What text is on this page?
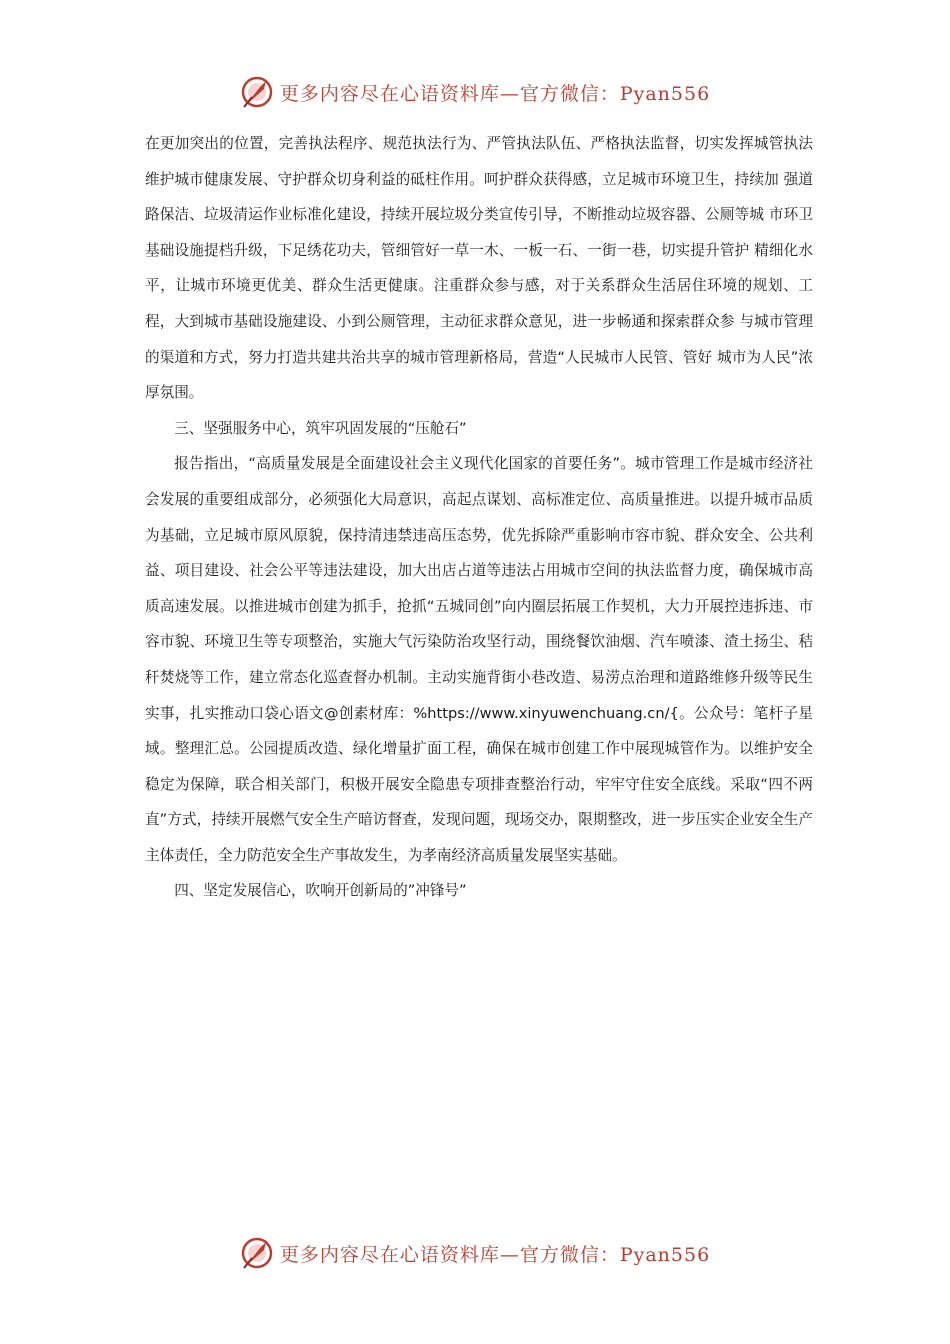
更多内容尽在心语资料库—官方微信：Pyan556

在更加突出的位置，完善执法程序、规范执法行为、严管执法队伍、严格执法监督，切实发挥城管执法维护城市健康发展、守护群众切身利益的砥柱作用。呵护群众获得感，立足城市环境卫生，持续加 强道路保洁、垃圾清运作业标准化建设，持续开展垃圾分类宣传引导，不断推动垃圾容器、公厕等城 市环卫基础设施提档升级，下足绣花功夫，管细管好一草一木、一板一石、一街一巷，切实提升管护 精细化水平，让城市环境更优美、群众生活更健康。注重群众参与感，对于关系群众生活居住环境的规划、工程，大到城市基础设施建设、小到公厕管理，主动征求群众意见，进一步畅通和探索群众参 与城市管理的渠道和方式，努力打造共建共治共享的城市管理新格局，营造“人民城市人民管、管好 城市为人民”浓厚氛围。

三、坚强服务中心，筑牢巩固发展的“压舱石”

报告指出，“高质量发展是全面建设社会主义现代化国家的首要任务”。城市管理工作是城市经济社会发展的重要组成部分，必须强化大局意识，高起点谋划、高标准定位、高质量推进。以提升城市品质为基础，立足城市原风原貌，保持清违禁违高压态势，优先拆除严重影响市容市貌、群众安全、公共利益、项目建设、社会公平等违法建设，加大出店占道等违法占用城市空间的执法监督力度，确保城市高质高速发展。以推进城市创建为抓手，抢抓“五城同创”向内圈层拓展工作契机，大力开展控违拆违、市容市貌、环境卫生等专项整治，实施大气污染防治攻坚行动，围绕餐饮油烟、汽车喷漆、渣土扬尘、秸秆焚烧等工作，建立常态化巡查督办机制。主动实施背街小巷改造、易涝点治理和道路维修升级等民生实事，扎实推动口袋心语文@创素材库：%https://www.xinyuwenchuang.cn/{。公众号：笔杆子星域。整理汇总。公园提质改造、绿化增量扩面工程，确保在城市创建工作中展现城管作为。以维护安全稳定为保障，联合相关部门，积极开展安全隐患专项排查整治行动，牢牢守住安全底线。采取“四不两直”方式，持续开展燃气安全生产暗访督查，发现问题，现场交办，限期整改，进一步压实企业安全生产主体责任，全力防范安全生产事故发生，为孝南经济高质量发展坚实基础。

四、坚定发展信心，吹响开创新局的”冲锋号”

更多内容尽在心语资料库—官方微信：Pyan556
